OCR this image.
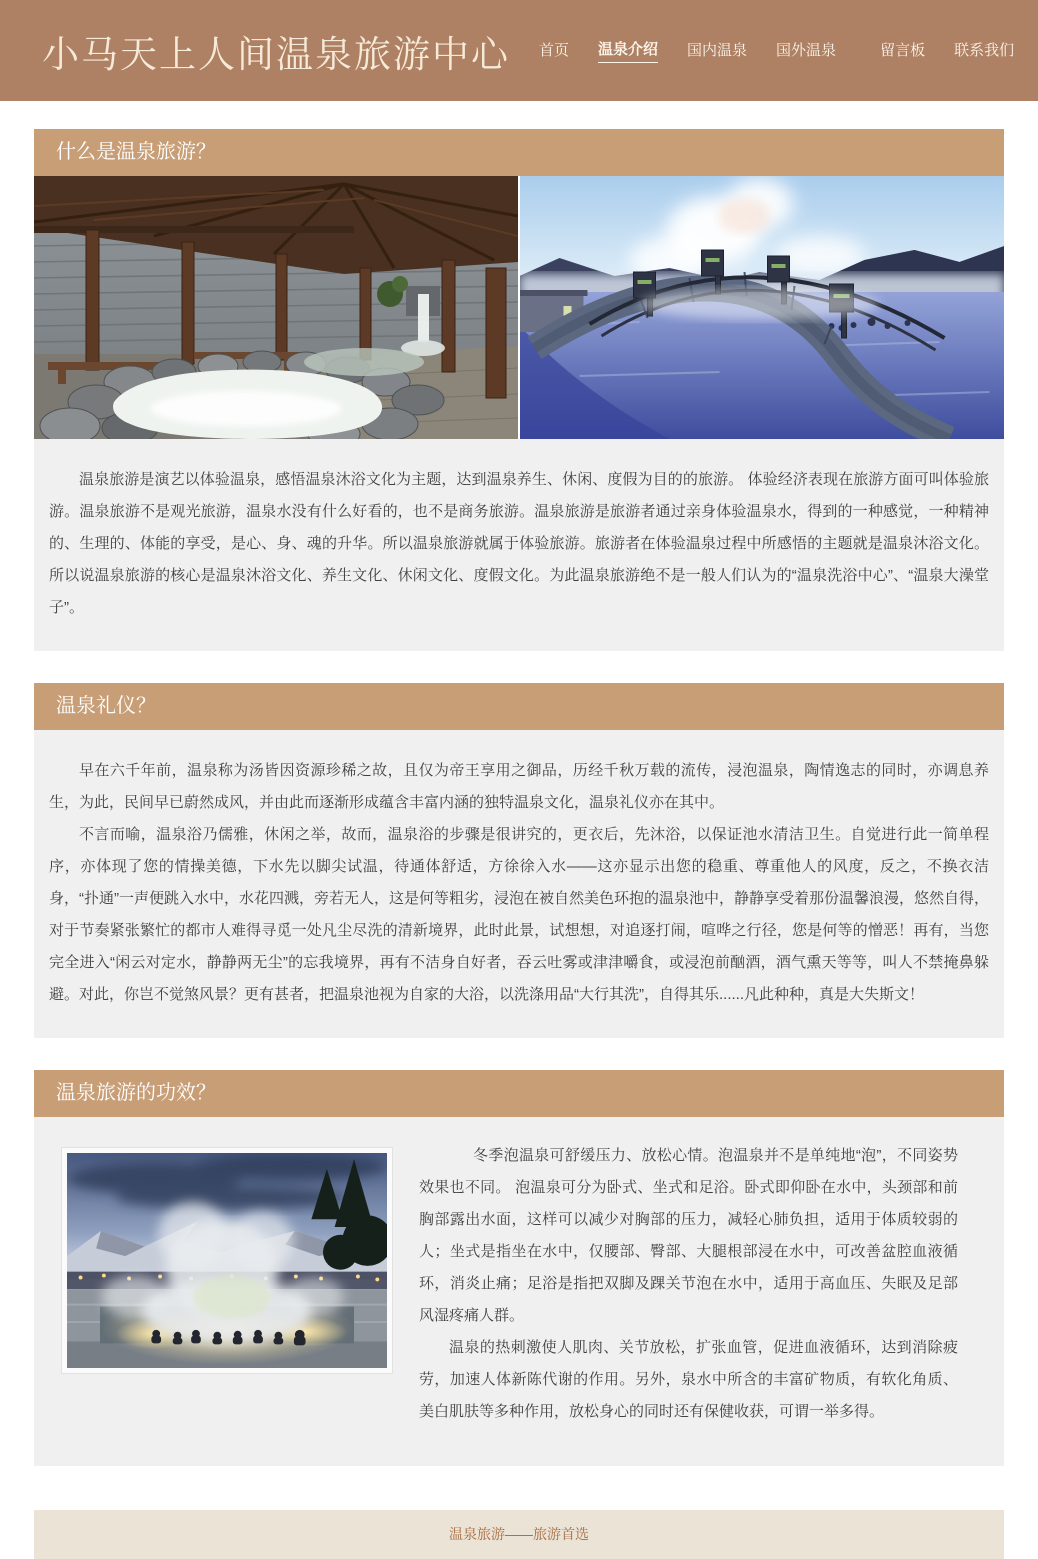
小马天上人间温泉旅游中心 首页 温泉介绍 国内温泉 国外温泉	留言板 联系我们
什么是温泉旅游？

温泉旅游是演艺以体验温泉，感悟温泉沐浴文化为主题，达到温泉养生、休闲、度假为目的的旅游。 体验经济表现在旅游方面可叫体验旅游。温泉旅游不是观光旅游，温泉水没有什么好看的，也不是商务旅游。温泉旅游是旅游者通过亲身体验温泉水，得到的一种感觉，一种精神的、生理的、体能的享受，是心、身、魂的升华。所以温泉旅游就属于体验旅游。旅游者在体验温泉过程中所感悟的主题就是温泉沐浴文化。所以说温泉旅游的核心是温泉沐浴文化、养生文化、休闲文化、度假文化。为此温泉旅游绝不是一般人们认为的“温泉洗浴中心”、“温泉大澡堂子”。

温泉礼仪？

早在六千年前，温泉称为汤皆因资源珍稀之故，且仅为帝王享用之御品，历经千秋万载的流传，浸泡温泉，陶情逸志的同时，亦调息养生，为此，民间早已蔚然成风，并由此而逐渐形成蕴含丰富内涵的独特温泉文化，温泉礼仪亦在其中。

不言而喻，温泉浴乃儒雅，休闲之举，故而，温泉浴的步骤是很讲究的，更衣后，先沐浴，以保证池水清洁卫生。自觉进行此一简单程序，亦体现了您的情操美德，下水先以脚尖试温，待通体舒适，方徐徐入水——这亦显示出您的稳重、尊重他人的风度，反之，不换衣洁身，“扑通”一声便跳入水中，水花四溅，旁若无人，这是何等粗劣，浸泡在被自然美色环抱的温泉池中，静静享受着那份温馨浪漫，悠然自得，对于节奏紧张繁忙的都市人难得寻觅一处凡尘尽洗的清新境界，此时此景，试想想，对追逐打闹，喧哗之行径，您是何等的憎恶！再有，当您完全进入“闲云对定水，静静两无尘”的忘我境界，再有不洁身自好者，吞云吐雾或津津嚼食，或浸泡前酗酒，酒气熏天等等，叫人不禁掩鼻躲避。对此，你岂不觉煞风景？更有甚者，把温泉池视为自家的大浴，以洗涤用品“大行其洗”，自得其乐......凡此种种，真是大失斯文！

温泉旅游的功效？

冬季泡温泉可舒缓压力、放松心情。泡温泉并不是单纯地“泡”，不同姿势效果也不同。 泡温泉可分为卧式、坐式和足浴。卧式即仰卧在水中，头颈部和前胸部露出水面，这样可以减少对胸部的压力，减轻心肺负担，适用于体质较弱的人；坐式是指坐在水中，仅腰部、臀部、大腿根部浸在水中，可改善盆腔血液循环，消炎止痛；足浴是指把双脚及踝关节泡在水中，适用于高血压、失眠及足部风湿疼痛人群。

温泉的热刺激使人肌肉、关节放松，扩张血管，促进血液循环，达到消除疲劳，加速人体新陈代谢的作用。另外，泉水中所含的丰富矿物质，有软化角质、美白肌肤等多种作用，放松身心的同时还有保健收获，可谓一举多得。

温泉旅游——旅游首选
